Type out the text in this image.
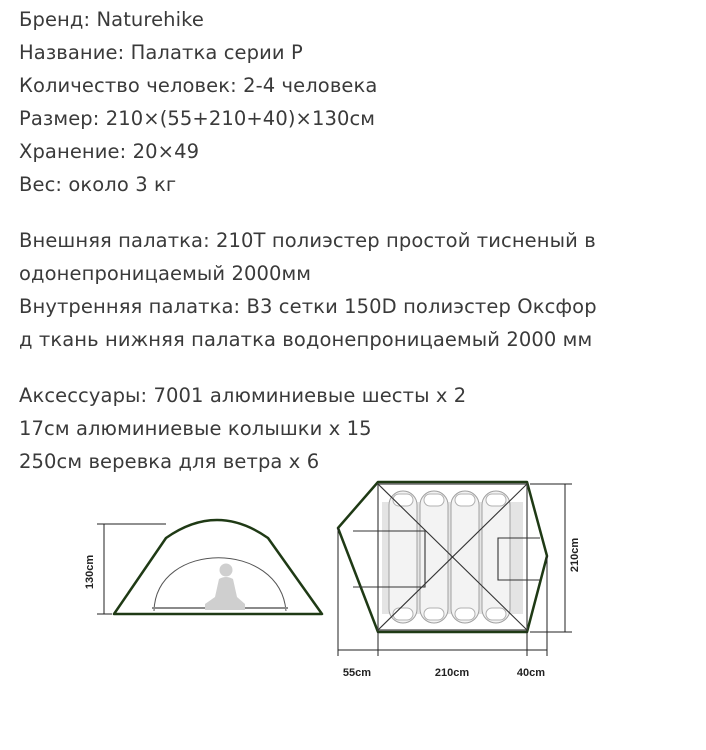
Бренд: Naturehike
Название: Палатка серии P
Количество человек: 2-4 человека
Размер: 210×(55+210+40)×130см
Хранение: 20×49
Вес: около 3 кг
Внешняя палатка: 210T полиэстер простой тисненый в
одонепроницаемый 2000мм
Внутренняя палатка: B3 сетки 150D полиэстер Оксфор
д ткань нижняя палатка водонепроницаемый 2000 мм
Аксессуары: 7001 алюминиевые шесты x 2
17см алюминиевые колышки x 15
250см веревка для ветра x 6
130cm	210cm
55cm	210cm	40cm
